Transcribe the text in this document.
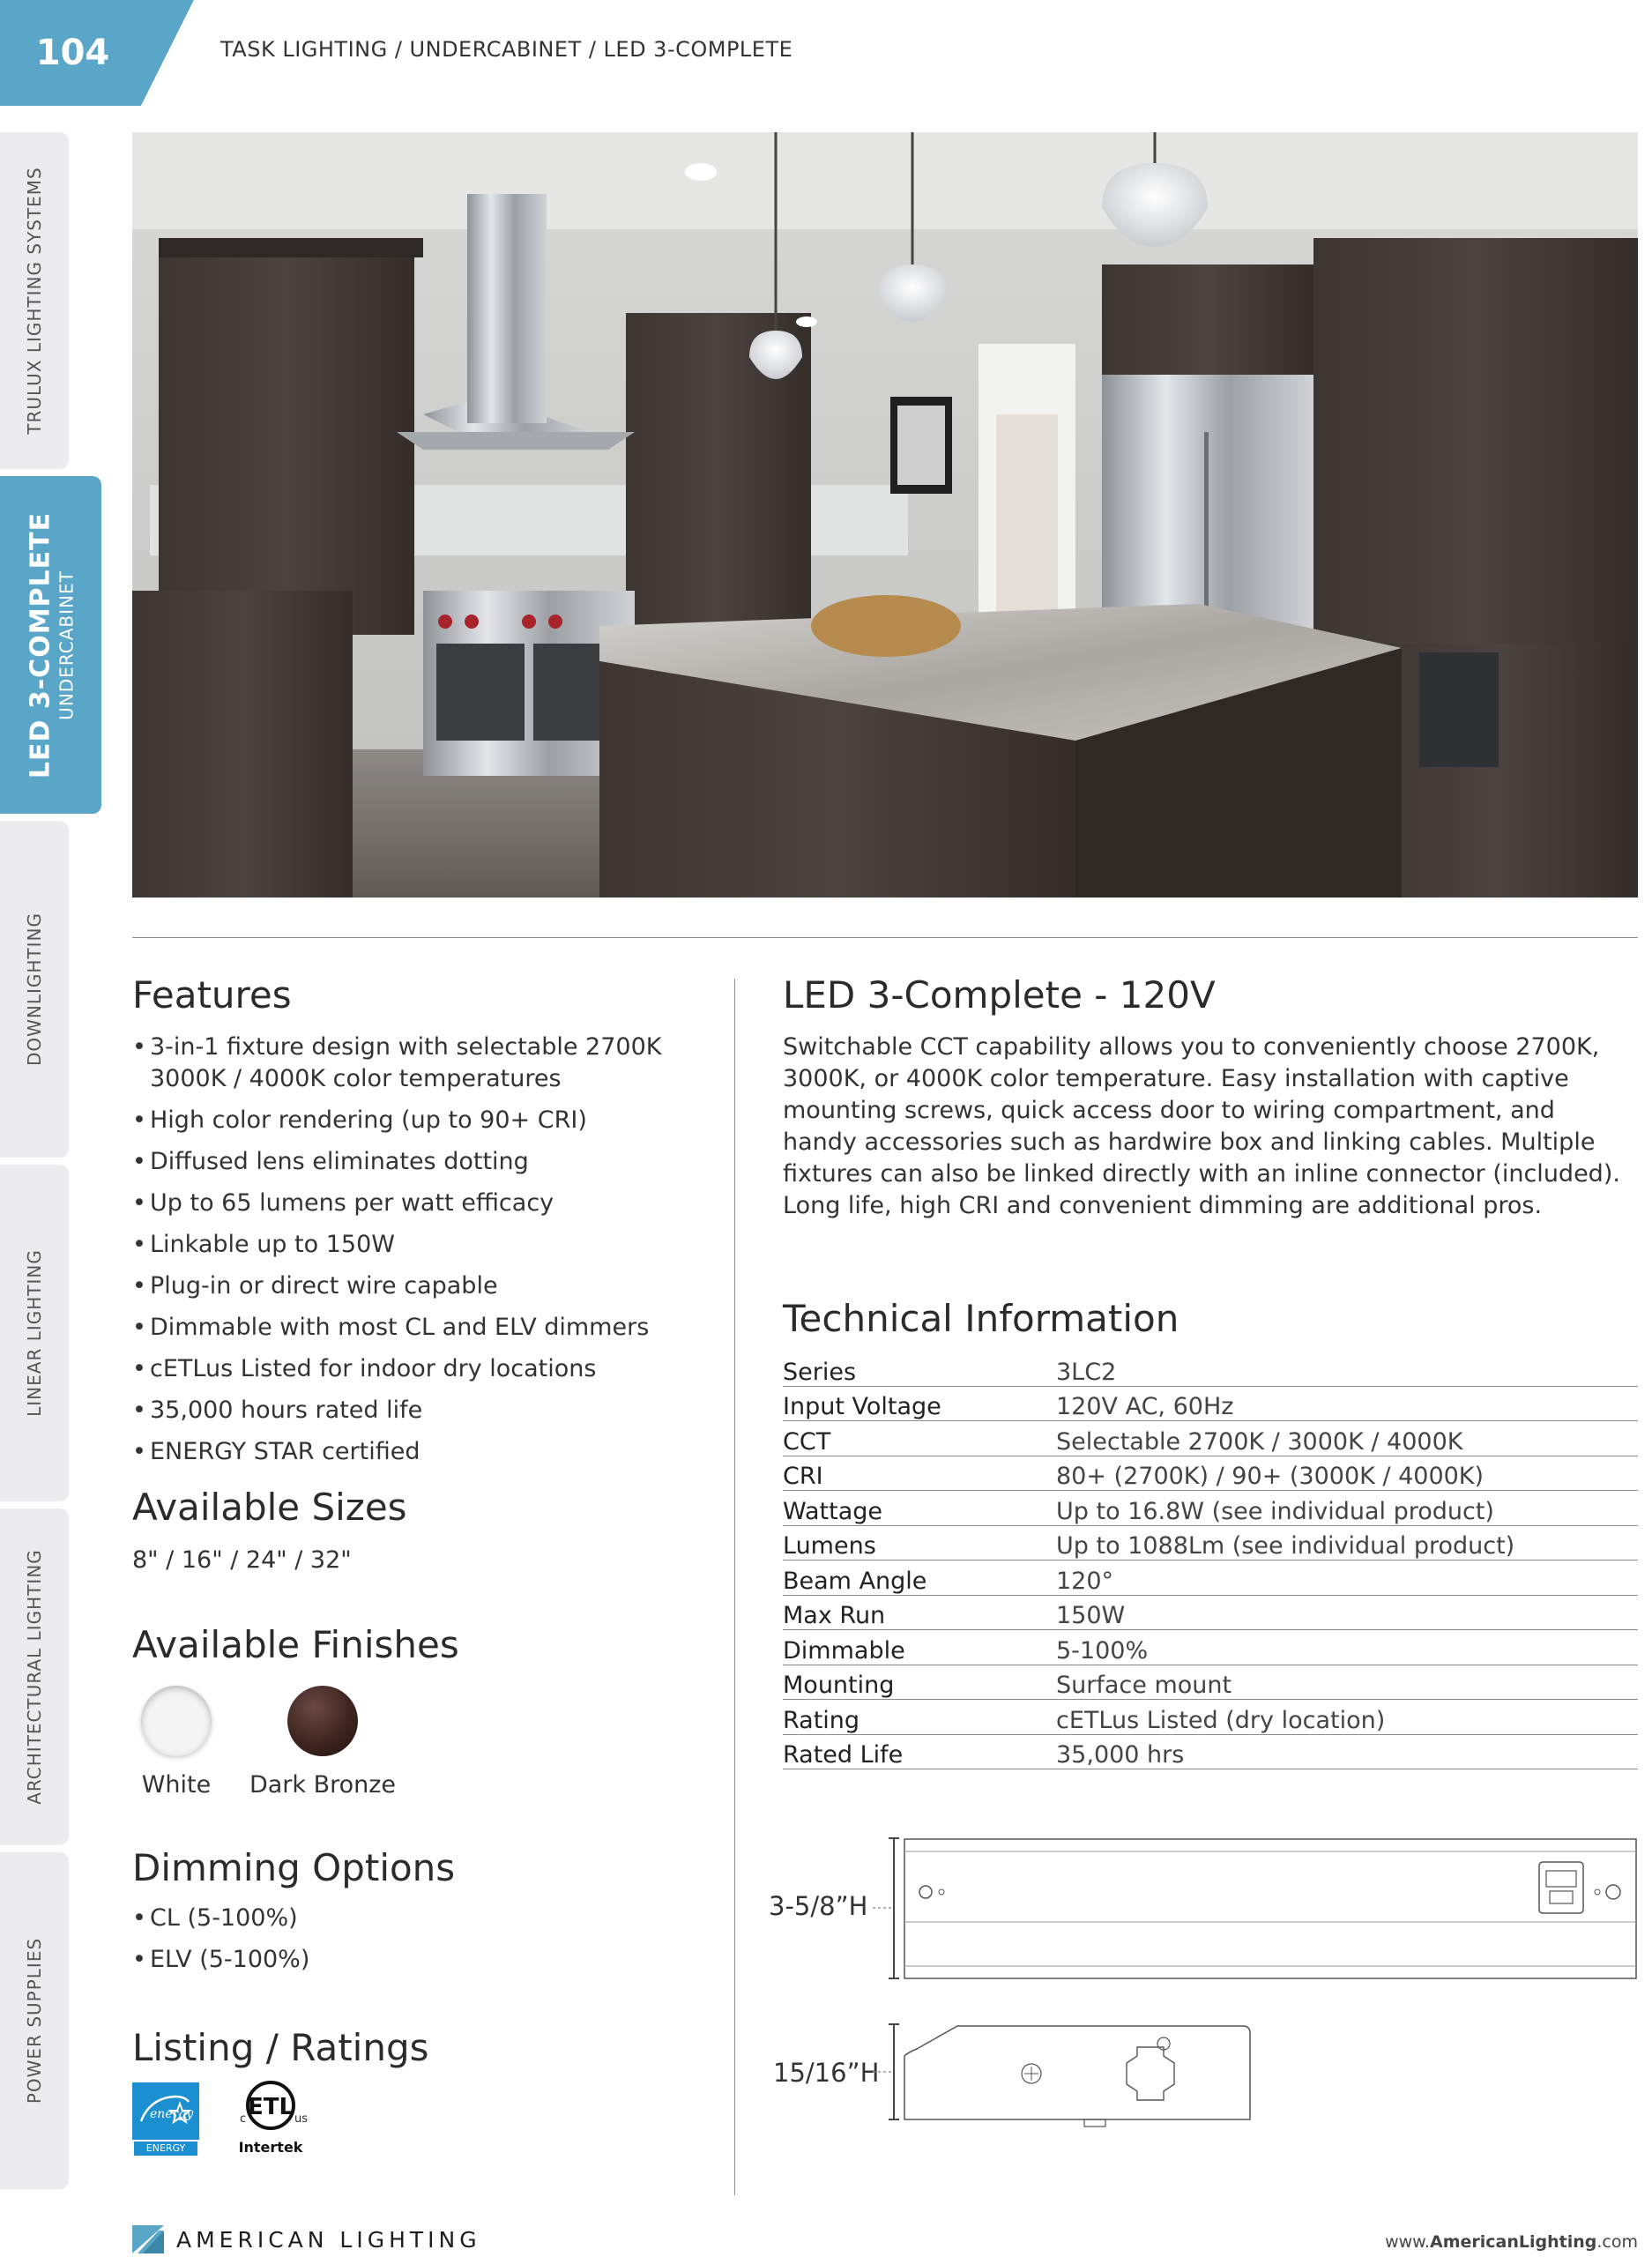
104	TASK LIGHTING / UNDERCABINET / LED 3-COMPLETE
TRULUX LIGHTING SYSTEMS
LED 3-COMPLETE UNDERCABINET
DOWNLIGHTING
LINEAR LIGHTING
ARCHITECTURAL LIGHTING
POWER SUPPLIES
Features
• 3-in-1 fixture design with selectable 2700K 3000K / 4000K color temperatures
• High color rendering (up to 90+ CRI)
• Diffused lens eliminates dotting
• Up to 65 lumens per watt efficacy
• Linkable up to 150W
• Plug-in or direct wire capable
• Dimmable with most CL and ELV dimmers
• cETLus Listed for indoor dry locations
• 35,000 hours rated life
• ENERGY STAR certified
Available Sizes
8" / 16" / 24" / 32"
Available Finishes
White	Dark Bronze
Dimming Options
• CL (5-100%)
• ELV (5-100%)
Listing / Ratings
energy
ENERGY STAR
ETL
c	us
Intertek
LED 3-Complete - 120V
Switchable CCT capability allows you to conveniently choose 2700K, 3000K, or 4000K color temperature. Easy installation with captive mounting screws, quick access door to wiring compartment, and handy accessories such as hardwire box and linking cables. Multiple fixtures can also be linked directly with an inline connector (included). Long life, high CRI and convenient dimming are additional pros.
Technical Information
Series	3LC2
Input Voltage	120V AC, 60Hz
CCT	Selectable 2700K / 3000K / 4000K
CRI	80+ (2700K) / 90+ (3000K / 4000K)
Wattage	Up to 16.8W (see individual product)
Lumens	Up to 1088Lm (see individual product)
Beam Angle	120°
Max Run	150W
Dimmable	5-100%
Mounting	Surface mount
Rating	cETLus Listed (dry location)
Rated Life	35,000 hrs
3-5/8”H
15/16”H
AMERICAN LIGHTING	www.AmericanLighting.com
